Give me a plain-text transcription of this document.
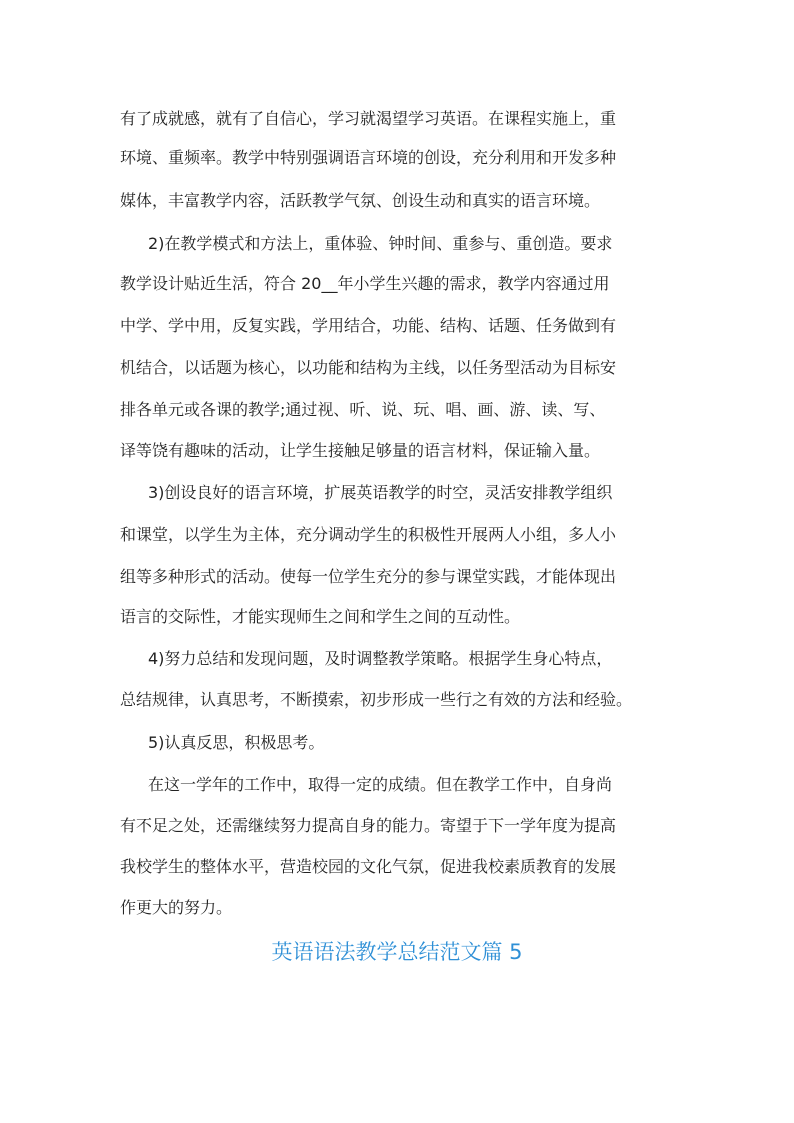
有了成就感，就有了自信心，学习就渴望学习英语。在课程实施上，重
环境、重频率。教学中特别强调语言环境的创设，充分利用和开发多种
媒体，丰富教学内容，活跃教学气氛、创设生动和真实的语言环境。
2)在教学模式和方法上，重体验、钟时间、重参与、重创造。要求
教学设计贴近生活，符合 20__年小学生兴趣的需求，教学内容通过用
中学、学中用，反复实践，学用结合，功能、结构、话题、任务做到有
机结合，以话题为核心，以功能和结构为主线，以任务型活动为目标安
排各单元或各课的教学;通过视、听、说、玩、唱、画、游、读、写、
译等饶有趣味的活动，让学生接触足够量的语言材料，保证输入量。
3)创设良好的语言环境，扩展英语教学的时空，灵活安排教学组织
和课堂，以学生为主体，充分调动学生的积极性开展两人小组，多人小
组等多种形式的活动。使每一位学生充分的参与课堂实践，才能体现出
语言的交际性，才能实现师生之间和学生之间的互动性。
4)努力总结和发现问题，及时调整教学策略。根据学生身心特点，
总结规律，认真思考，不断摸索，初步形成一些行之有效的方法和经验。
5)认真反思，积极思考。
在这一学年的工作中，取得一定的成绩。但在教学工作中，自身尚
有不足之处，还需继续努力提高自身的能力。寄望于下一学年度为提高
我校学生的整体水平，营造校园的文化气氛，促进我校素质教育的发展
作更大的努力。
英语语法教学总结范文篇 5
